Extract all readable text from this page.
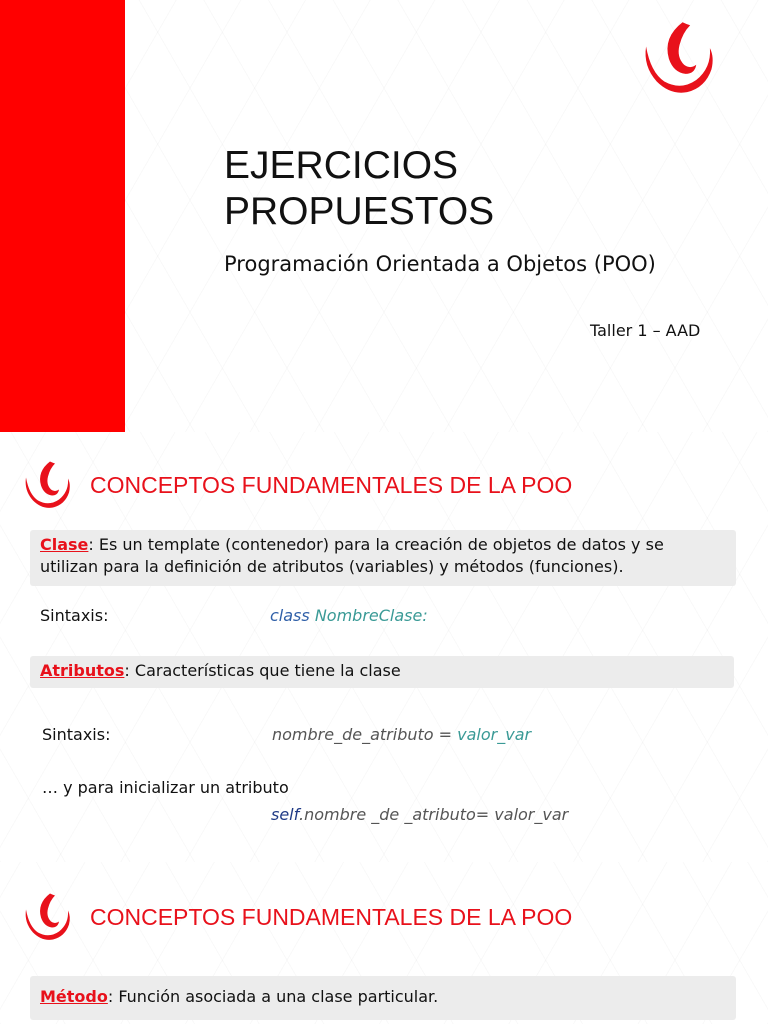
EJERCICIOS
PROPUESTOS
Programación Orientada a Objetos (POO)
Taller 1 – AAD
CONCEPTOS FUNDAMENTALES DE LA POO
Clase: Es un template (contenedor) para la creación de objetos de datos y se utilizan para la definición de atributos (variables) y métodos (funciones).
Sintaxis:	class NombreClase:
Atributos: Características que tiene la clase
Sintaxis:	nombre_de_atributo = valor_var
… y para inicializar un atributo
self.nombre _de _atributo= valor_var
CONCEPTOS FUNDAMENTALES DE LA POO
Método: Función asociada a una clase particular.
